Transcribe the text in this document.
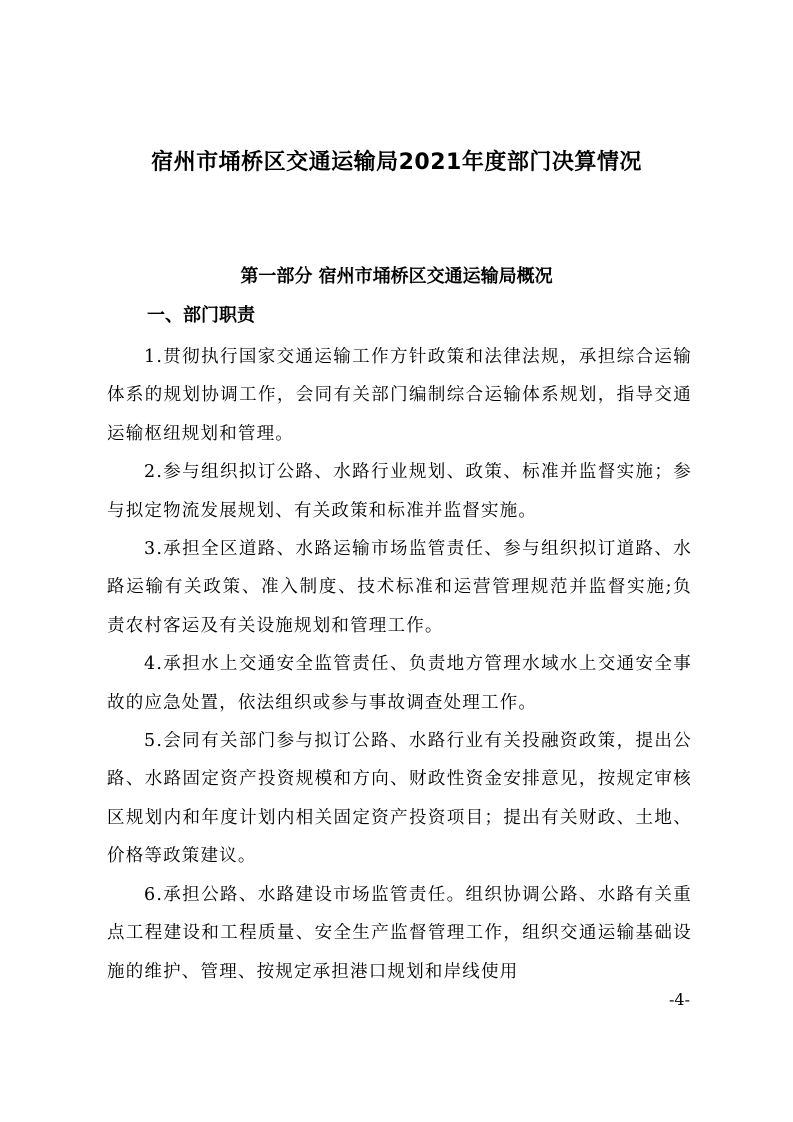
宿州市埇桥区交通运输局2021年度部门决算情况
第一部分 宿州市埇桥区交通运输局概况
一、部门职责

1.贯彻执行国家交通运输工作方针政策和法律法规，承担综合运输体系的规划协调工作，会同有关部门编制综合运输体系规划，指导交通运输枢纽规划和管理。

2.参与组织拟订公路、水路行业规划、政策、标准并监督实施；参与拟定物流发展规划、有关政策和标准并监督实施。

3.承担全区道路、水路运输市场监管责任、参与组织拟订道路、水路运输有关政策、准入制度、技术标准和运营管理规范并监督实施;负责农村客运及有关设施规划和管理工作。

4.承担水上交通安全监管责任、负责地方管理水域水上交通安全事故的应急处置，依法组织或参与事故调查处理工作。

5.会同有关部门参与拟订公路、水路行业有关投融资政策，提出公路、水路固定资产投资规模和方向、财政性资金安排意见，按规定审核区规划内和年度计划内相关固定资产投资项目；提出有关财政、土地、价格等政策建议。

6.承担公路、水路建设市场监管责任。组织协调公路、水路有关重点工程建设和工程质量、安全生产监督管理工作，组织交通运输基础设施的维护、管理、按规定承担港口规划和岸线使用

-4-
